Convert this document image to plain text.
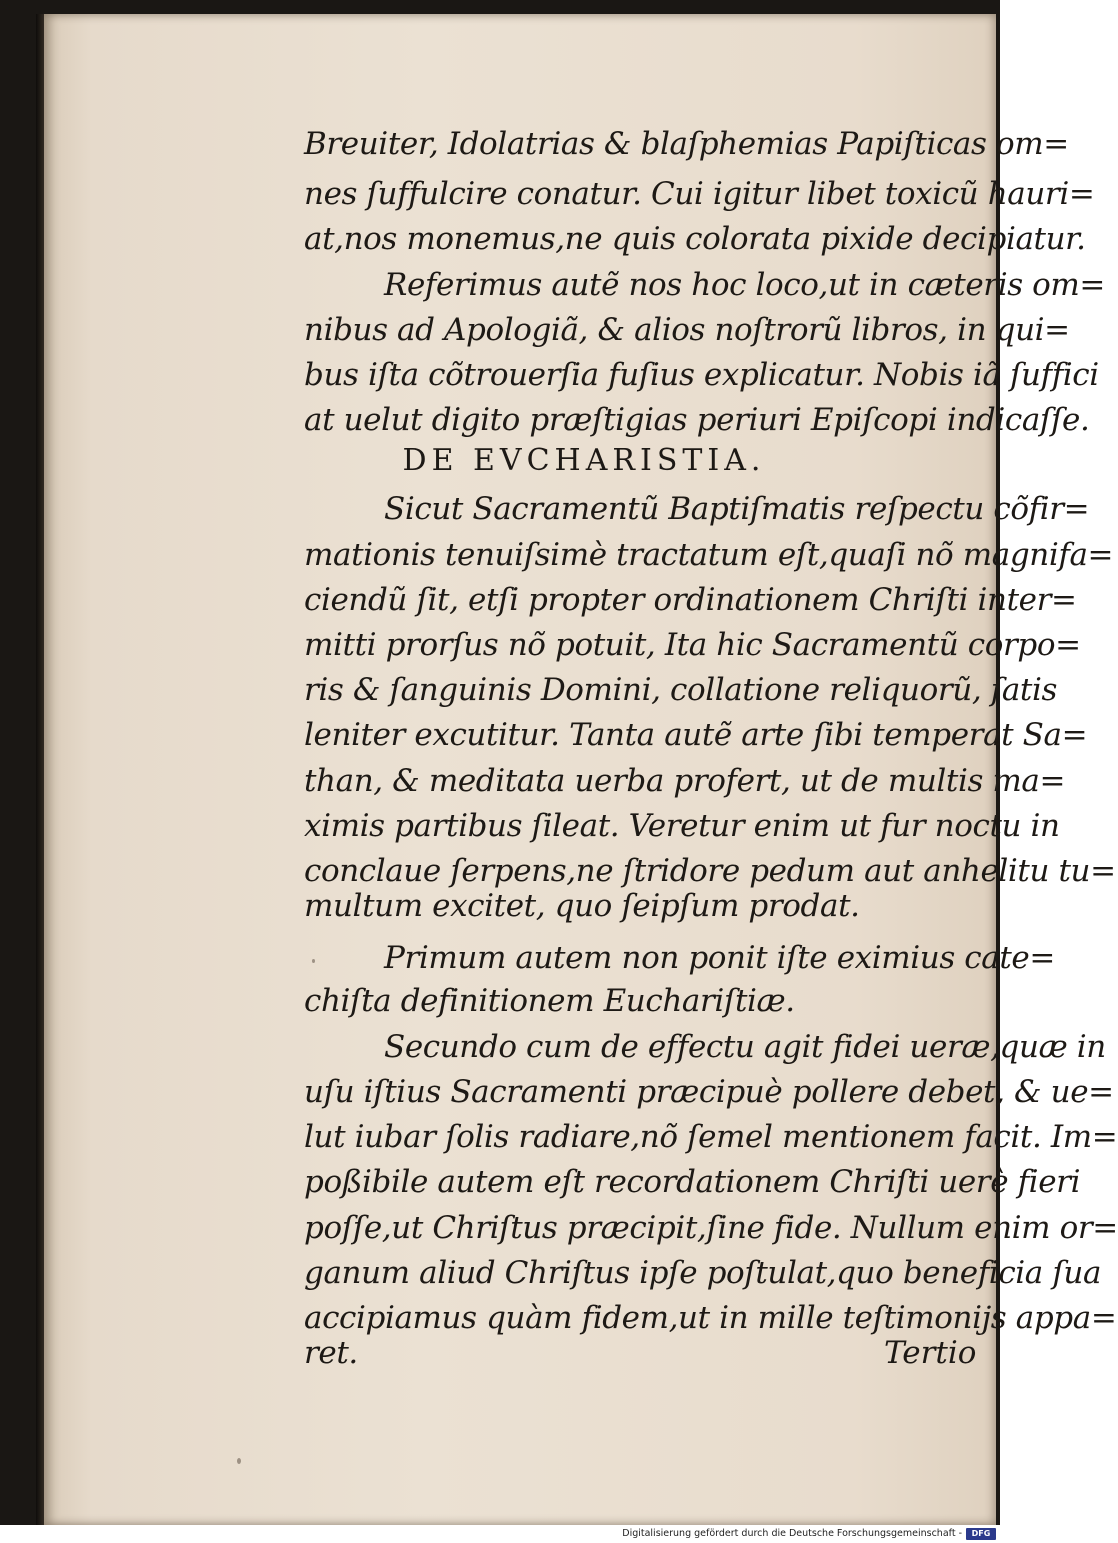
Breuiter, Idolatrias & blaſphemias Papiſticas om=
nes ſuffulcire conatur. Cui igitur libet toxicũ hauri=
at,nos monemus,ne quis colorata pixide decipiatur.
Referimus autẽ nos hoc loco,ut in cæteris om=
nibus ad Apologiã, & alios noſtrorũ libros, in qui=
bus iſta cõtrouerſia fuſius explicatur. Nobis iã ſuffici
at uelut digito præſtigias periuri Epiſcopi indicaſſe.
DE EVCHARISTIA.
Sicut Sacramentũ Baptiſmatis reſpectu cõfir=
mationis tenuiſsimè tractatum eſt,quaſi nõ magnifa=
ciendũ ſit, etſi propter ordinationem Chriſti inter=
mitti prorſus nõ potuit, Ita hic Sacramentũ corpo=
ris & ſanguinis Domini, collatione reliquorũ, ſatis
leniter excutitur. Tanta autẽ arte ſibi temperat Sa=
than, & meditata uerba profert, ut de multis ma=
ximis partibus ſileat. Veretur enim ut fur noctu in
conclaue ſerpens,ne ſtridore pedum aut anhelitu tu=
multum excitet, quo ſeipſum prodat.
Primum autem non ponit iſte eximius cate=
chiſta definitionem Euchariſtiæ.
Secundo cum de effectu agit fidei ueræ,quæ in
uſu iſtius Sacramenti præcipuè pollere debet, & ue=
lut iubar ſolis radiare,nõ ſemel mentionem facit. Im=
poßibile autem eſt recordationem Chriſti uerè fieri
poſſe,ut Chriſtus præcipit,ſine fide. Nullum enim or=
ganum aliud Chriſtus ipſe poſtulat,quo beneficia ſua
accipiamus quàm fidem,ut in mille teſtimonijs appa=
ret.	Tertio
Digitalisierung gefördert durch die Deutsche Forschungsgemeinschaft -	DFG
